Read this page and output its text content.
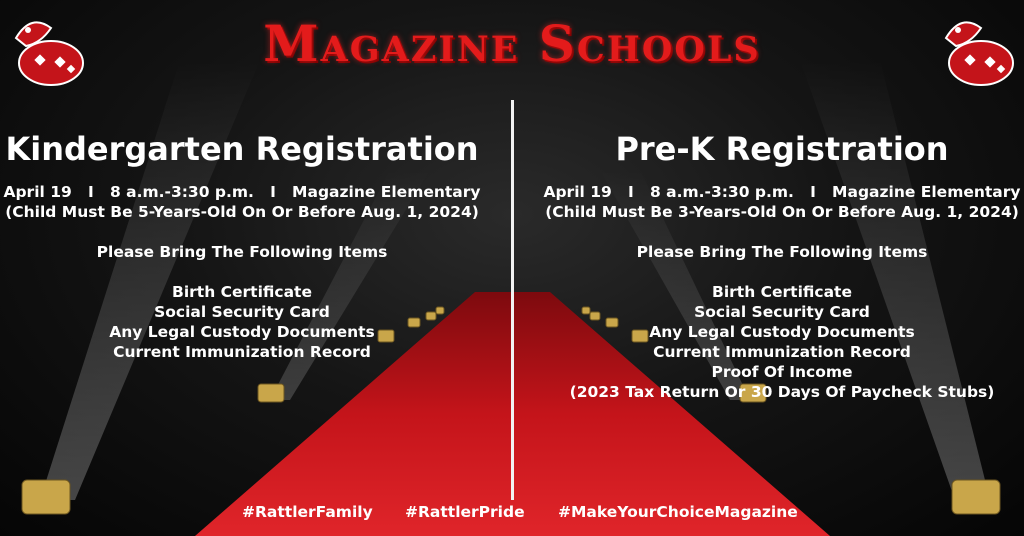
Magazine Schools
Kindergarten Registration
April 19   I   8 a.m.-3:30 p.m.   I   Magazine Elementary
(Child Must Be 5-Years-Old On Or Before Aug. 1, 2024)
Please Bring The Following Items
Birth Certificate
Social Security Card
Any Legal Custody Documents
Current Immunization Record
Pre-K Registration
April 19   I   8 a.m.-3:30 p.m.   I   Magazine Elementary
(Child Must Be 3-Years-Old On Or Before Aug. 1, 2024)
Please Bring The Following Items
Birth Certificate
Social Security Card
Any Legal Custody Documents
Current Immunization Record
Proof Of Income
(2023 Tax Return Or 30 Days Of Paycheck Stubs)
#RattlerFamily #RattlerPride #MakeYourChoiceMagazine
